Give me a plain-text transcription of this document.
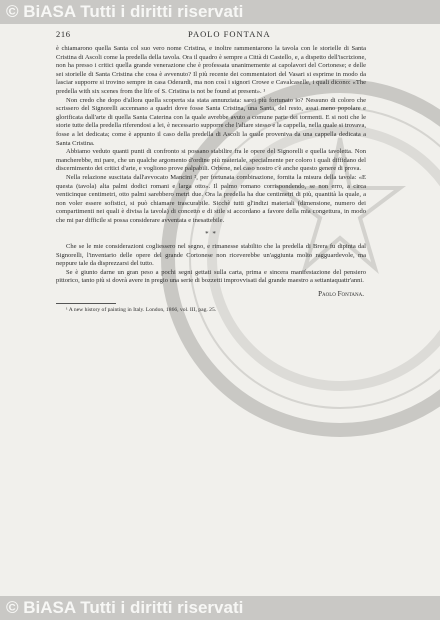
© BiASA Tutti i diritti riservati
216	PAOLO FONTANA

è chiamarono quella Santa col suo vero nome Cristina, e inoltre rammentarono la tavola con le storielle di Santa Cristina di Ascoli come la predella della tavola. Ora il quadro è sempre a Città di Castello, e, a dispetto dell'iscrizione, non ha presso i critici quella grande venerazione che è professata unanimemente ai capolavori del Cortonese; e delle sei storielle di Santa Cristina che cosa è avvenuto? Il più recente dei commentatori del Vasari si esprime in modo da lasciar supporre si trovino sempre in casa Oderardi, ma non così i signori Crowe e Cavalcaselle, i quali dicono: «The predella with six scenes from the life of S. Cristina is not be found at present». ¹

Non credo che dopo d'allora quella scoperta sia stata annunziata: sarei più fortunato io? Nessuno di coloro che scrissero del Signorelli accennano a quadri dove fosse Santa Cristina, una Santa, del resto, assai meno popolare e glorificata dall'arte di quella Santa Caterina con la quale avrebbe avuto a comune parte dei tormenti. E si noti che le storie tutte della predella riferendosi a lei, è necessario supporre che l'altare stesso e la cappella, nella quale si trovava, fosse a lei dedicata; come è appunto il caso della predella di Ascoli la quale proveniva da una cappella dedicata a Santa Cristina.

Abbiamo veduto quanti punti di confronto si possano stabilire fra le opere del Signorelli e quella tavoletta. Non mancherebbe, mi pare, che un qualche argomento d'ordine più materiale, specialmente per coloro i quali diffidano del discernimento dei critici d'arte, e vogliono prove palpabili. Orbene, nel caso nostro c'è anche questo genere di prova.

Nella relazione suscitata dall'avvocato Mancini ², per fortunata combinazione, fornita la misura della tavola: «E questa (tavola) alta palmi dodici romani e larga otto». Il palmo romano corrispondendo, se non erro, a circa venticinque centimetri, otto palmi sarebbero metri due. Ora la predella ha due centimetri di più, quantità la quale, a non voler essere sofistici, si può chiamare trascurabile. Sicchè tutti gl'indizi materiali (dimensione, numero dei compartimenti nei quali è divisa la tavola) di concetto e di stile si accordano a favore della mia congettura, in modo che mi par difficile si possa considerare avventata e inesattebile.

* *

Che se le mie considerazioni cogliessero nel segno, e rimanesse stabilito che la predella di Brera fu dipinta dal Signorelli, l'inventario delle opere del grande Cortonese non riceverebbe un'aggiunta molto ragguardevole, ma neppure tale da disprezzarsi del tutto.

Se è giunto darne un gran peso a pochi segni gettati sulla carta, prima e sincera manifestazione del pensiero pittorico, tanto più si dovrà avere in pregio una serie di bozzetti improvvisati dal grande maestro a settantaquattr'anni.

Paolo Fontana.

¹ A new history of painting in Italy. London, 1866, vol. III, pag. 25.

© BiASA Tutti i diritti riservati
